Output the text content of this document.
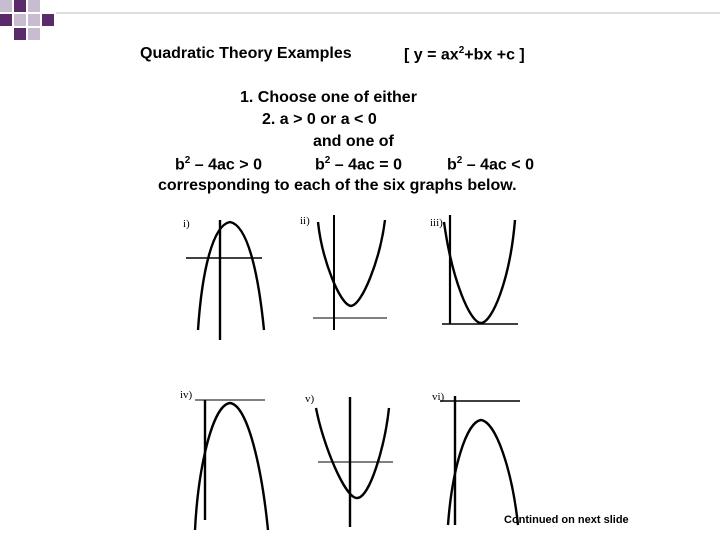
Quadratic Theory Examples	[ $y = ax^2+bx +c$ ]
1. Choose one of either
2. a > 0 or a < 0
and one of
$b^2 - 4ac > 0$	$b^2 - 4ac = 0$	$b^2 - 4ac < 0$
corresponding to each of the six graphs below.
i)	ii)	iii)
iv)	v)	vi)
Continued on next slide
